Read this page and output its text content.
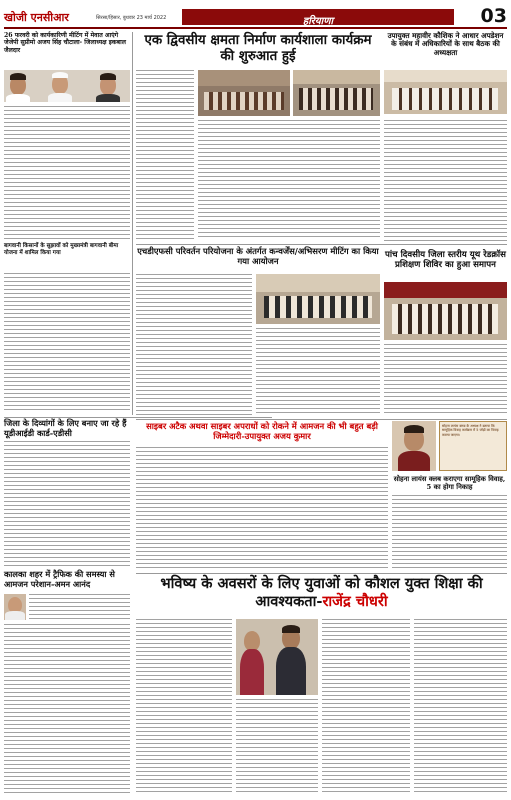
खोजी एनसीआर	सिरसा/हिसार, बुधवार 23 मार्च 2022	हरियाणा	03
26 फरवरी को कार्यकारिणी मीटिंग में मेवात आएंगे जेजेपी सुप्रीमो अजय सिंह चौटाला- जिलाध्यक्ष इकबाल जैलदार
बागवानी किसानों के सुझावों को मुख्यमंत्री बागवानी बीमा योजना में शामिल किया गया
जिला के दिव्यांगों के लिए बनाए जा रहे हैं यूडीआईडी कार्ड-एडीसी
कालका शहर में ट्रैफिक की समस्या से आमजन परेशान-अमन आनंद
एक द्विवसीय क्षमता निर्माण कार्यशाला कार्यक्रम की शुरुआत हुई
उपायुक्त महावीर कौशिक ने आधार अपडेशन के संबंध में अधिकारियों के साथ बैठक की अध्यक्षता
एचडीएफसी परिवर्तन परियोजना के अंतर्गत कन्वर्जेंस/अभिसरण मीटिंग का किया गया आयोजन
पांच दिवसीय जिला स्तरीय यूथ रेडक्रॉस प्रशिक्षण शिविर का हुआ समापन
साइबर अटैक अथवा साइबर अपराधों को रोकने में आमजन की भी बहुत बड़ी जिम्मेदारी-उपायुक्त अजय कुमार
सोहना लायंस क्लब के अध्यक्ष ने बताया कि सामूहिक विवाह कार्यक्रम में 5 जोड़ों का विवाह कराया जाएगा।
सोहना लायंस क्लब कराएगा सामूहिक विवाह, 5 का होगा निकाह
भविष्य के अवसरों के लिए युवाओं को कौशल युक्त शिक्षा की आवश्यकता-राजेंद्र चौधरी
